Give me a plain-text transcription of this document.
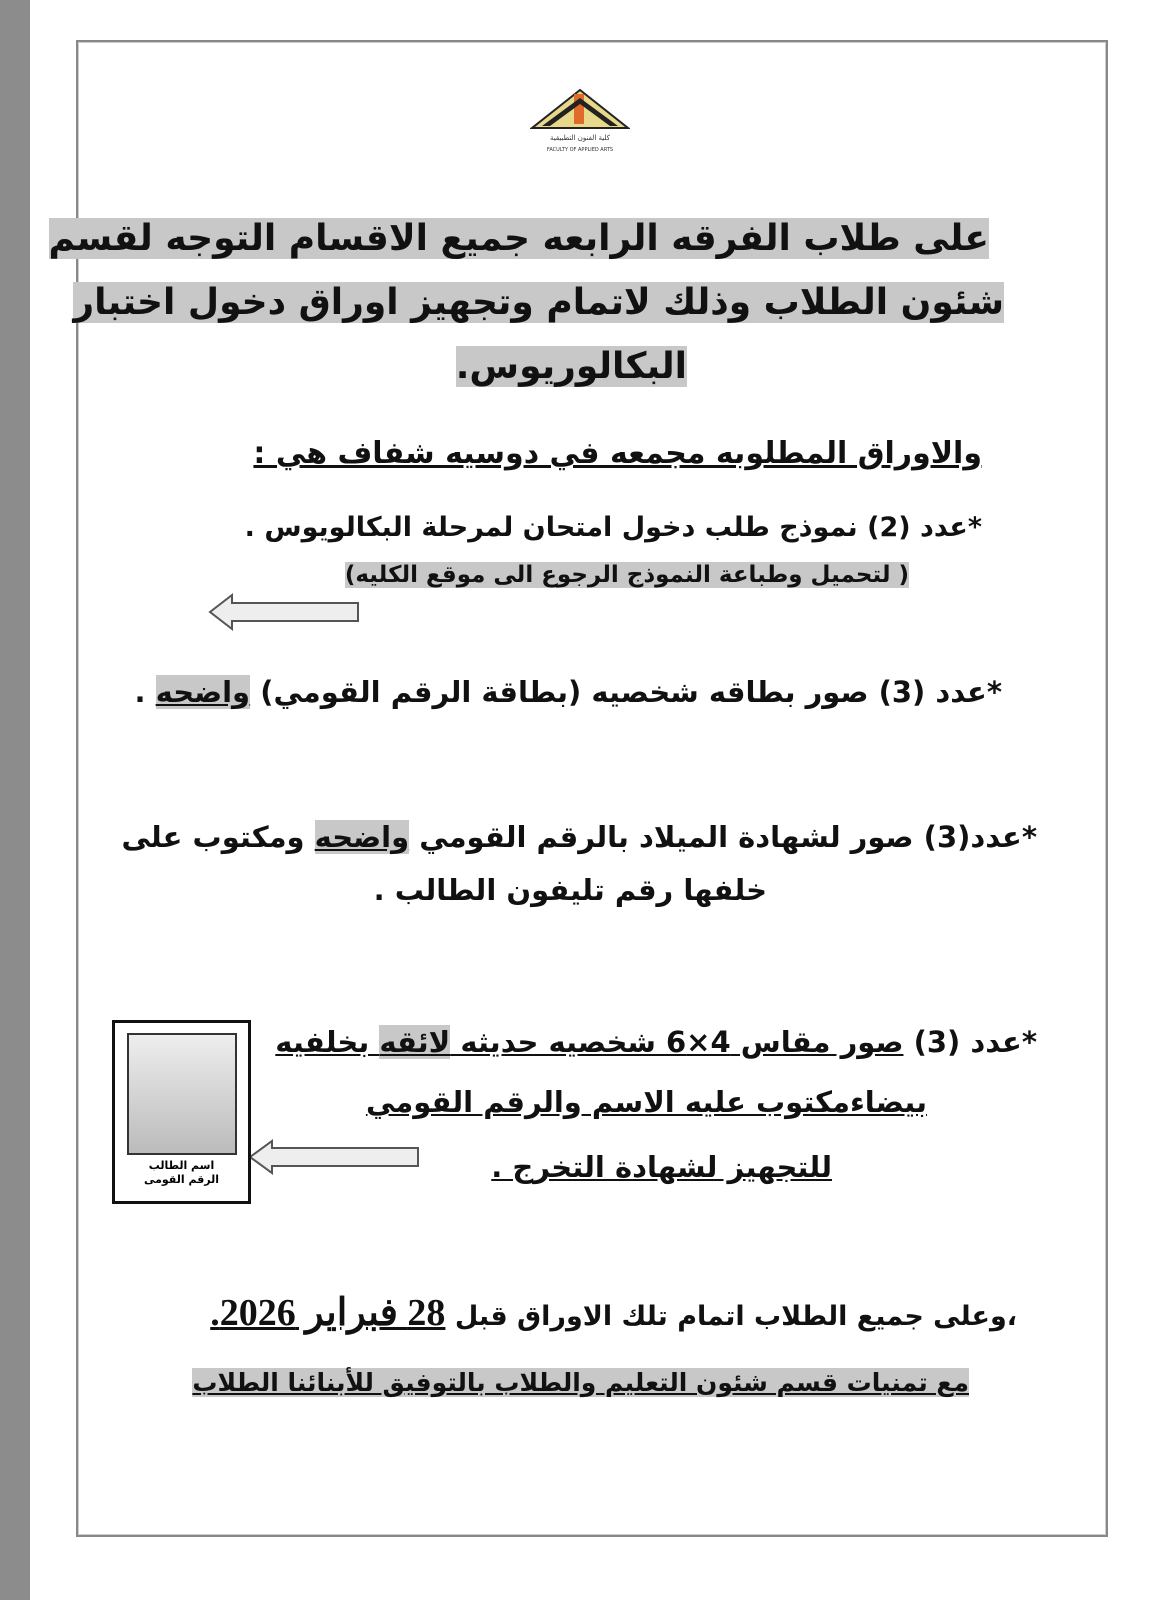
كلية الفنون التطبيقية
FACULTY OF APPLIED ARTS
على طلاب الفرقه الرابعه جميع الاقسام التوجه لقسم
شئون الطلاب وذلك لاتمام وتجهيز اوراق دخول اختبار
البكالوريوس.
والاوراق المطلوبه مجمعه في دوسيه شفاف هي :
*عدد (2) نموذج طلب دخول امتحان لمرحلة البكالويوس .
( لتحميل وطباعة النموذج الرجوع الى موقع الكليه)
*عدد (3) صور بطاقه شخصيه (بطاقة الرقم القومي) واضحه .
*عدد(3) صور لشهادة الميلاد بالرقم القومي واضحه ومكتوب على
خلفها رقم تليفون الطالب .
*عدد (3) صور مقاس 4×6 شخصيه حديثه لائقه بخلفيه
بيضاءمكتوب عليه الاسم والرقم القومي
للتجهيز لشهادة التخرج .
اسم الطالب
الرقم القومى
،وعلى جميع الطلاب اتمام تلك الاوراق قبل 28 فبراير 2026.
مع تمنيات قسم شئون التعليم والطلاب بالتوفيق للأبنائنا الطلاب
